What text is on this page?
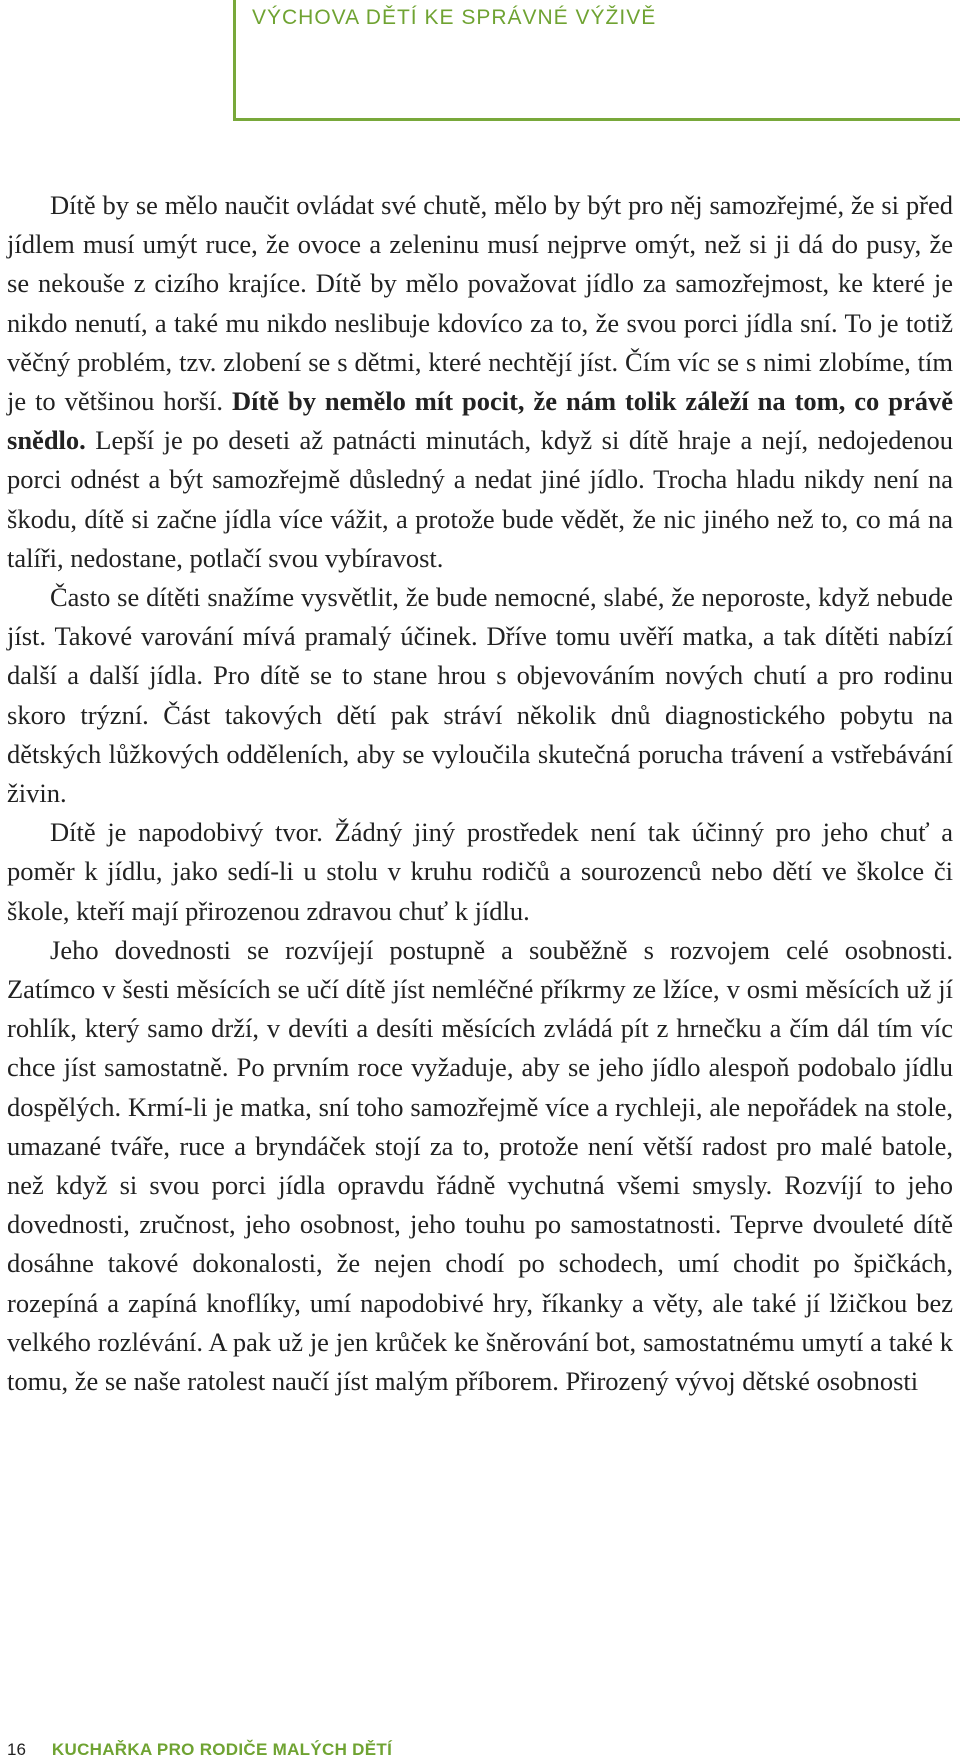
VÝCHOVA DĚTÍ KE SPRÁVNÉ VÝŽIVĚ

Dítě by se mělo naučit ovládat své chutě, mělo by být pro něj samozřejmé, že si před jídlem musí umýt ruce, že ovoce a zeleninu musí nejprve omýt, než si ji dá do pusy, že se nekouše z cizího krajíce. Dítě by mělo považovat jídlo za samozřejmost, ke které je nikdo nenutí, a také mu nikdo neslibuje kdovíco za to, že svou porci jídla sní. To je totiž věčný problém, tzv. zlobení se s dětmi, které nechtějí jíst. Čím víc se s nimi zlobíme, tím je to většinou horší. Dítě by nemělo mít pocit, že nám tolik záleží na tom, co právě snědlo. Lepší je po deseti až patnácti minutách, když si dítě hraje a nejí, nedojedenou porci odnést a být samozřejmě důsledný a nedat jiné jídlo. Trocha hladu nikdy není na škodu, dítě si začne jídla více vážit, a protože bude vědět, že nic jiného než to, co má na talíři, nedostane, potlačí svou vybíravost.

Často se dítěti snažíme vysvětlit, že bude nemocné, slabé, že neporoste, když nebude jíst. Takové varování mívá pramalý účinek. Dříve tomu uvěří matka, a tak dítěti nabízí další a další jídla. Pro dítě se to stane hrou s objevováním nových chutí a pro rodinu skoro trýzní. Část takových dětí pak stráví několik dnů diagnostického pobytu na dětských lůžkových odděleních, aby se vyloučila skutečná porucha trávení a vstřebávání živin.

Dítě je napodobivý tvor. Žádný jiný prostředek není tak účinný pro jeho chuť a poměr k jídlu, jako sedí-li u stolu v kruhu rodičů a sourozenců nebo dětí ve školce či škole, kteří mají přirozenou zdravou chuť k jídlu.

Jeho dovednosti se rozvíjejí postupně a souběžně s rozvojem celé osobnosti. Zatímco v šesti měsících se učí dítě jíst nemléčné příkrmy ze lžíce, v osmi měsících už jí rohlík, který samo drží, v devíti a desíti měsících zvládá pít z hrnečku a čím dál tím víc chce jíst samostatně. Po prvním roce vyžaduje, aby se jeho jídlo alespoň podobalo jídlu dospělých. Krmí-li je matka, sní toho samozřejmě více a rychleji, ale nepořádek na stole, umazané tváře, ruce a bryndáček stojí za to, protože není větší radost pro malé batole, než když si svou porci jídla opravdu řádně vychutná všemi smysly. Rozvíjí to jeho dovednosti, zručnost, jeho osobnost, jeho touhu po samostatnosti. Teprve dvouleté dítě dosáhne takové dokonalosti, že nejen chodí po schodech, umí chodit po špičkách, rozepíná a zapíná knoflíky, umí napodobivé hry, říkanky a věty, ale také jí lžičkou bez velkého rozlévání. A pak už je jen krůček ke šněrování bot, samostatnému umytí a také k tomu, že se naše ratolest naučí jíst malým příborem. Přirozený vývoj dětské osobnosti

16 KUCHAŘKA PRO RODIČE MALÝCH DĚTÍ
